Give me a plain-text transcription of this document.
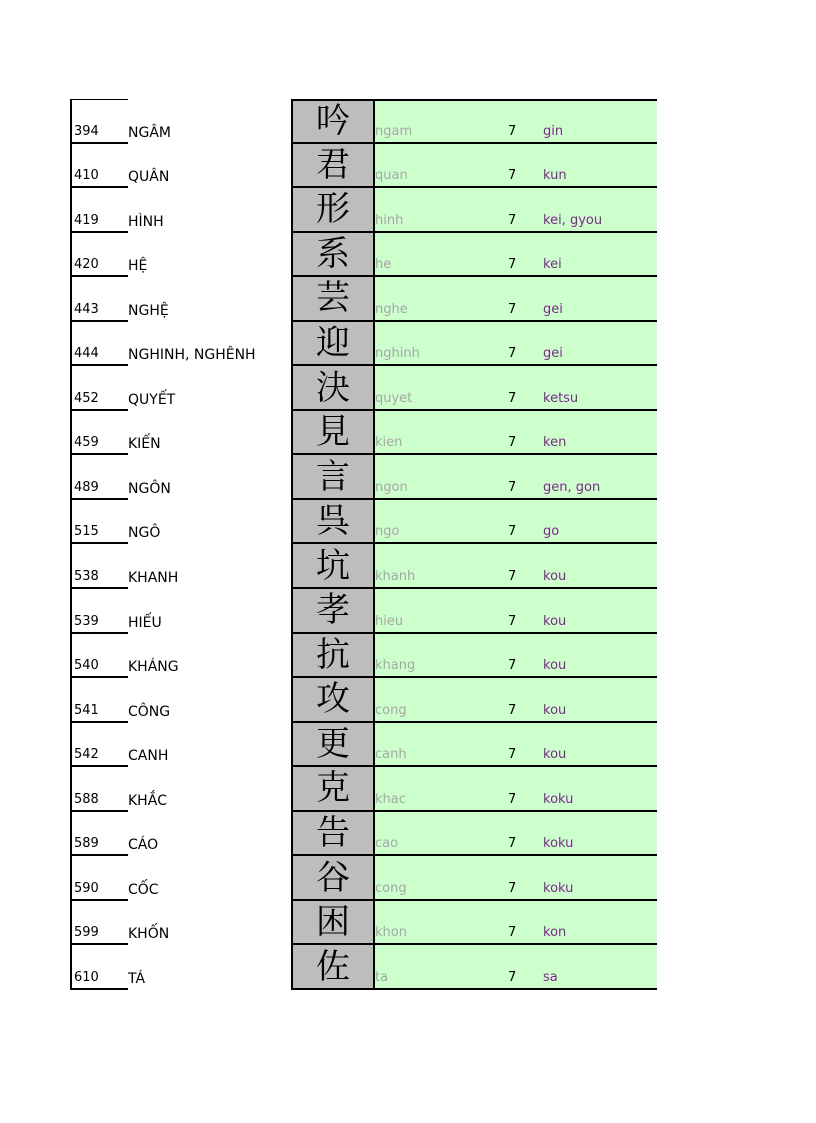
394	NGÂM	吟	ngam	7 gin
410	QUÂN	君	quan	7 kun
419	HÌNH	形	hinh	7 kei, gyou
420	HỆ	系	he	7 kei
443	NGHỆ	芸	nghe	7 gei
444	NGHINH, NGHÊNH	迎	nghinh	7 gei
452	QUYẾT	決	quyet	7 ketsu
459	KIẾN	見	kien	7 ken
489	NGÔN	言	ngon	7 gen, gon
515	NGÔ	呉	ngo	7 go
538	KHANH	坑	khanh	7 kou
539	HIẾU	孝	hieu	7 kou
540	KHÁNG	抗	khang	7 kou
541	CÔNG	攻	cong	7 kou
542	CANH	更	canh	7 kou
588	KHẮC	克	khac	7 koku
589	CÁO	告	cao	7 koku
590	CỐC	谷	cong	7 koku
599	KHỐN	困	khon	7 kon
610	TÁ	佐	ta	7 sa
